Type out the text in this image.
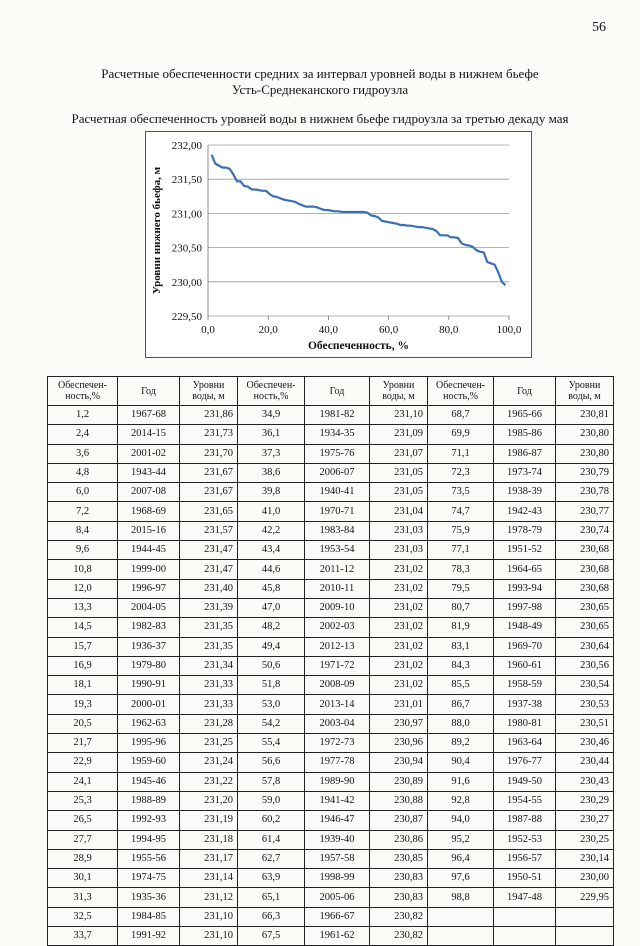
56
Расчетные обеспеченности средних за интервал уровней воды в нижнем бьефе
Усть-Среднеканского гидроузла
Расчетная обеспеченность уровней воды в нижнем бьефе гидроузла за третью декаду мая
229,50
230,00
230,50
231,00
231,50
232,00
0,0	20,0	40,0	60,0	80,0	100,0
Обеспеченность, %
Уровни нижнего бьефа, м
Обеспечен-ность,%	Год	Уровни воды, м	Обеспечен-ность,%	Год	Уровни воды, м	Обеспечен-ность,%	Год	Уровни воды, м
1,2	1967-68	231,86	34,9	1981-82	231,10	68,7	1965-66	230,81
2,4	2014-15	231,73	36,1	1934-35	231,09	69,9	1985-86	230,80
3,6	2001-02	231,70	37,3	1975-76	231,07	71,1	1986-87	230,80
4,8	1943-44	231,67	38,6	2006-07	231,05	72,3	1973-74	230,79
6,0	2007-08	231,67	39,8	1940-41	231,05	73,5	1938-39	230,78
7,2	1968-69	231,65	41,0	1970-71	231,04	74,7	1942-43	230,77
8,4	2015-16	231,57	42,2	1983-84	231,03	75,9	1978-79	230,74
9,6	1944-45	231,47	43,4	1953-54	231,03	77,1	1951-52	230,68
10,8	1999-00	231,47	44,6	2011-12	231,02	78,3	1964-65	230,68
12,0	1996-97	231,40	45,8	2010-11	231,02	79,5	1993-94	230,68
13,3	2004-05	231,39	47,0	2009-10	231,02	80,7	1997-98	230,65
14,5	1982-83	231,35	48,2	2002-03	231,02	81,9	1948-49	230,65
15,7	1936-37	231,35	49,4	2012-13	231,02	83,1	1969-70	230,64
16,9	1979-80	231,34	50,6	1971-72	231,02	84,3	1960-61	230,56
18,1	1990-91	231,33	51,8	2008-09	231,02	85,5	1958-59	230,54
19,3	2000-01	231,33	53,0	2013-14	231,01	86,7	1937-38	230,53
20,5	1962-63	231,28	54,2	2003-04	230,97	88,0	1980-81	230,51
21,7	1995-96	231,25	55,4	1972-73	230,96	89,2	1963-64	230,46
22,9	1959-60	231,24	56,6	1977-78	230,94	90,4	1976-77	230,44
24,1	1945-46	231,22	57,8	1989-90	230,89	91,6	1949-50	230,43
25,3	1988-89	231,20	59,0	1941-42	230,88	92,8	1954-55	230,29
26,5	1992-93	231,19	60,2	1946-47	230,87	94,0	1987-88	230,27
27,7	1994-95	231,18	61,4	1939-40	230,86	95,2	1952-53	230,25
28,9	1955-56	231,17	62,7	1957-58	230,85	96,4	1956-57	230,14
30,1	1974-75	231,14	63,9	1998-99	230,83	97,6	1950-51	230,00
31,3	1935-36	231,12	65,1	2005-06	230,83	98,8	1947-48	229,95
32,5	1984-85	231,10	66,3	1966-67	230,82			
33,7	1991-92	231,10	67,5	1961-62	230,82			
